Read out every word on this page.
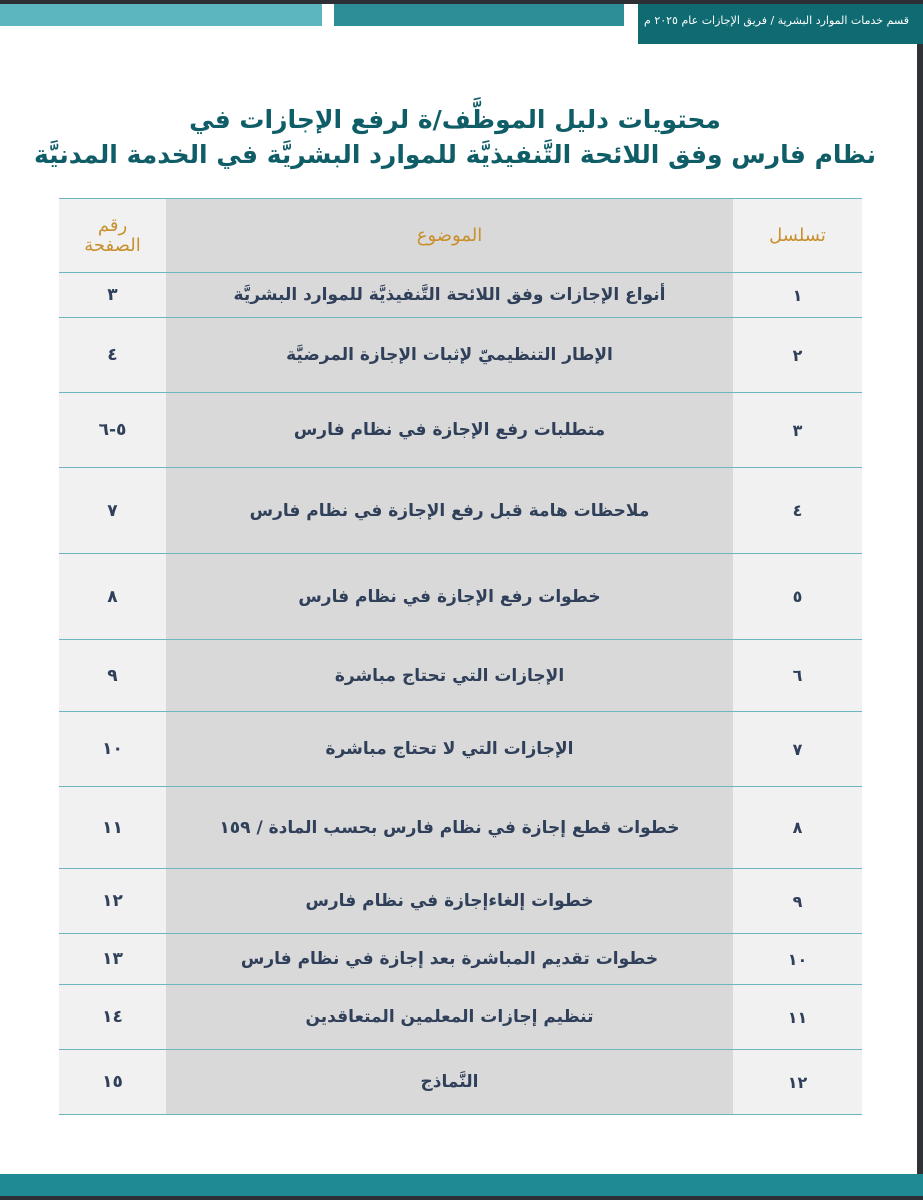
قسم خدمات الموارد البشرية / فريق الإجازات عام ٢٠٢٥ م
محتويات دليل الموظَّف/ة لرفع الإجازات في
نظام فارس وفق اللائحة التَّنفيذيَّة للموارد البشريَّة في الخدمة المدنيَّة
تسلسل	الموضوع	رقم
الصفحة

١	أنواع الإجازات وفق اللائحة التَّنفيذيَّة للموارد البشريَّة	٣
٢	الإطار التنظيميّ لإثبات الإجازة المرضيَّة	٤
٣	متطلبات رفع الإجازة في نظام فارس	٥-٦
٤	ملاحظات هامة قبل رفع الإجازة في نظام فارس	٧
٥	خطوات رفع الإجازة في نظام فارس	٨
٦	الإجازات التي تحتاج مباشرة	٩
٧	الإجازات التي لا تحتاج مباشرة	١٠
٨	خطوات قطع إجازة في نظام فارس بحسب المادة / ١٥٩	١١
٩	خطوات إلغاءإجازة في نظام فارس	١٢
١٠	خطوات تقديم المباشرة بعد إجازة في نظام فارس	١٣
١١	تنظيم إجازات المعلمين المتعاقدين	١٤
١٢	النَّماذج	١٥
